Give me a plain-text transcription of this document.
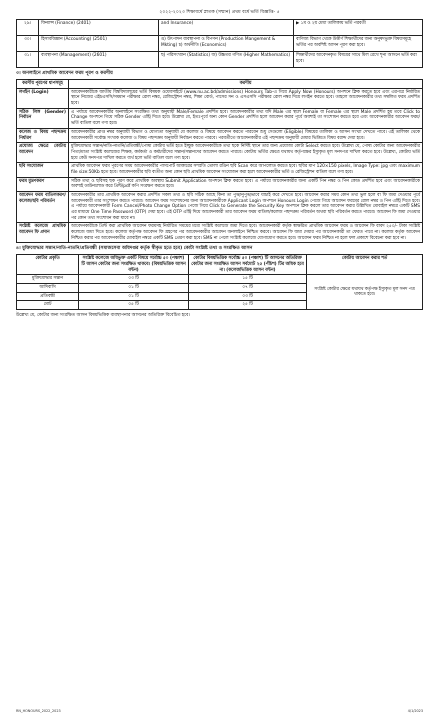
২০২২-২০২৩ শিক্ষাবর্ষে স্নাতক (সম্মান) প্রথম বর্ষে ভর্তি বিজ্ঞপ্তি- ৫
২৯।	ফিন্যান্স (Finance) (2401)	and Insurance)	▶ ১ম ও ২য় মেধা তালিকায় ভর্তি পরবর্তী
৩০।	হিসাববিজ্ঞান (Accounting) (2501)	ঙ) উৎপাদন ব্যবস্থাপনা ও বিপণন (Production Mangement & Mkting) চ) অর্থনীতি (Economics)	বাণিজ্য বিভাগ থেকে উত্তীর্ণ শিক্ষার্থীদের জন্য অনুষদভুক্ত বিষয়সমূহে ভর্তির পর অবশিষ্ট আসন পূরণ করা হবে।
৩১।	ব্যবস্থাপনা (Management) (2601)	ছ) পরিসংখ্যান (Statistics) জ) উচ্চতর গণিত (Higher Mathematics)	শিক্ষার্থীদের আবেদনকৃত বিষয়ের সাথে মিল রেখে শূন্য আসনে ভর্তি করা হবে।
৩। অনলাইনে প্রাথমিক আবেদন ফরম পূরণ ও করণীয়
করণীয় পূরণের ধাপসমূহ	করণীয়
লগইন (Login)	আবেদনকারীকে জাতীয় বিশ্ববিদ্যালয়ের ভর্তি বিষয়ক ওয়েবসাইটে (www.nu.ac.bd/admissions) Honours Tab-এ গিয়ে Apply Now (Honours) অপশনে ক্লিক করতে হবে এবং এরপরে নির্ধারিত স্থানে নিজের এইচএসসি/সমমান পরীক্ষার রোল নম্বর, রেজিস্ট্রেশন নম্বর, শিক্ষা বোর্ড, পাসের সন ও এসএসসি পরীক্ষার রোল নম্বর দিয়ে লগইন করতে হবে। তাহলে আবেদনকারীর তথ্য সম্বলিত ফরম প্রদর্শিত হবে।
সঠিক লিঙ্গ (Gender) নির্বাচন	এ পর্যায়ে আবেদনকারীর অনলাইনে সংরক্ষিত তথ্য অনুযায়ী Male/Female প্রদর্শিত হবে। আবেদনকারীর তথ্য যদি Male এর স্থলে Female বা Female এর স্থলে Male প্রদর্শিত হয় তবে Click to Change অপশনে গিয়ে সঠিক Gender এন্ট্রি দিতে হবে। উল্লেখ্য যে, ইতঃপূর্বে অন্য কোন Gender প্রদর্শিত হলে আবেদন করার পূর্বে অবশ্যই তা সংশোধন করতে হবে এবং আবেদনকারীর আবেদন ফরম/ভর্তি বাতিল বলে গণ্য হবে।
কলেজ ও বিষয় পছন্দক্রম নির্ধারণ	আবেদনকারীর প্রাপ্ত নম্বর অনুযায়ী বিভাগ ও যোগ্যতা অনুযায়ী যে কলেজ ও বিষয়ে আবেদন করতে পারবেন শুধু সেগুলো (Eligible) বিষয়ের তালিকা ও আসন সংখ্যা দেখতে পাবে। এই তালিকা থেকে আবেদনকারী সর্বোচ্চ সংখ্যক কলেজ ও বিষয় পছন্দক্রম অনুযায়ী নির্বাচন করতে পারবে। পরবর্তীতে আবেদনকারীর এই পছন্দক্রম অনুযায়ী মেধার ভিত্তিতে বিষয় বরাদ্দ দেয়া হবে।
প্রযোজ্য ক্ষেত্রে কোটায় আবেদন	মুক্তিযোদ্ধার সন্তান/নাতি-নাতনি/প্রতিবন্ধী/পোষ্য কোটায় ভর্তি হতে ইচ্ছুক আবেদনকারীকে তথ্য ছকে নির্দিষ্ট স্থানে তার জন্য প্রযোজ্য কোটা Select করতে হবে। উল্লেখ্য যে, পোষ্য কোটার জন্য আবেদনকারীর পিতা/মাতা সংশ্লিষ্ট কলেজের শিক্ষক, কর্মকর্তা ও কর্মচারীদের সন্তান/সন্তানদের আবেদন করতে পারবে। কোটায় ভর্তির ক্ষেত্রে যথাযথ কর্তৃপক্ষের ইস্যুকৃত মূল সনদপত্র দাখিল করতে হবে। উল্লেখ্য, কোটায় ভর্তি হয়ে কেউ সনদপত্র দাখিল করতে ব্যর্থ হলে ভর্তি বাতিল বলে গণ্য হবে।
ছবি সংযোজন	প্রাথমিক আবেদন ফরম পূরণের সময় আবেদনকারীর পাসপোর্ট আকারের সম্প্রতি তোলা রঙিন ছবি Scan করে আপলোড করতে হবে। ছবির মাপ 120×150 pixels, Image Type: jpg এবং maximum file size:50Kb হতে হবে। আবেদনকারীর ছবি ব্যতীত অন্য কোন ছবি প্রাথমিক আবেদন সংযোজন করা হলে আবেদনকারীর ভর্তি ও রেজিস্ট্রেশন বাতিল বলে গণ্য হবে।
ফরম মুদ্রণকরণ	সঠিক তথ্য ও ছবিসহ ছক পূরণ করে প্রাথমিক অবস্থায় Submit Application অপশনে ক্লিক করতে হবে। এ পর্যায়ে আবেদনকারীর জন্য একটি পিন নম্বর ও পিন কোড প্রদর্শিত হবে এবং আবেদনকারীকে অবশ্যই ডাউনলোড করে প্রিন্ট/pdf কপি সংরক্ষণ করতে হবে।
আবেদন ফরম বাতিলকরণ/কলেজ/ছবি পরিবর্তন	আবেদনকারীর তার প্রাথমিক আবেদন করার প্রদর্শিত সকল তথ্য ও ছবি সঠিক আছে কিনা তা পুঙ্খানুপুঙ্খভাবে যাচাই করে দেখতে হবে। আবেদন করার সময় কোন তথ্য ভুল হলে বা ফি জমা দেওয়ার পূর্বে আবেদনকারী তার সংশোধন করতে পারবে। আবেদন ফরম সংশোধনের জন্য আবেদনকারীকে Applicant Login অপশনে Honours Login পেজে গিয়ে আবেদন ফরমের রোল নম্বর ও পিন এন্ট্রি দিতে হবে। এ পর্যায়ে আবেদনকারী Form Cancel/Photo Change Option পেজে গিয়ে Click to Generate the Security Key অপশনে ক্লিক করলে তার আবেদন করার উল্লিখিত মোবাইল নম্বরে একটি SMS এর মাধ্যমে One Time Password (OTP) দেয়া হবে। এই OTP এন্ট্রি দিয়ে আবেদনকারী তার আবেদন ফরম বাতিল/কলেজ পছন্দক্রম পরিবর্তন অথবা ছবি পরিবর্তন করতে পারবে। আবেদন ফি জমা দেওয়ার পর কোন তথ্য সংশোধন করা যাবে না।
সংশ্লিষ্ট কলেজে প্রাথমিক আবেদন ফি প্রদান	আবেদনকারীকে প্রিন্ট করা প্রাথমিক আবেদন ফরমসহ নির্ধারিত সময়ের মধ্যে সংশ্লিষ্ট কলেজে জমা দিতে হবে। আবেদনকারী কর্তৃক স্বাক্ষরিত প্রাথমিক আবেদন ফরম ও আবেদন ফি বাবদ ২৫০/- টাকা সংশ্লিষ্ট কলেজে জমা দিতে হবে। কলেজ কর্তৃপক্ষ আবেদন ফি গ্রহণের পর আবেদনকারীর আবেদন অনলাইনে নিশ্চিত করবে। আবেদন ফি জমা দেয়ার পর আবেদনকারী তা ফেরত পাবে না। কলেজ কর্তৃক আবেদন নিশ্চিত করার পর আবেদনকারীর মোবাইল নম্বরে একটি SMS প্রেরণ করা হবে। SMS না পেলে সংশ্লিষ্ট কলেজে যোগাযোগ করতে হবে। আবেদন ফরম নিশ্চিত না হলে ফল প্রকাশে বিবেচনা করা হবে না।
৪। মুক্তিযোদ্ধার সন্তান/নাতি-নাতনি/প্রতিবন্ধী (সমাজসেবা অধিদপ্তর কর্তৃক স্বীকৃত হতে হবে) কোটা সংশ্লিষ্ট তথ্য ও সংরক্ষিত আসন
কোটার প্রকৃতি	সংশ্লিষ্ট কলেজে অধিভুক্ত একটি বিষয়ে সর্বোচ্চ ৫০ (পঞ্চাশ) টি আসন কোটার জন্য সংরক্ষিত থাকবে। (বিষয়ভিত্তিক আসন বন্টন)	কোটার বিষয়ভিত্তিক সর্বোচ্চ ৫০ (পঞ্চাশ) টি আসনের অতিরিক্ত কোটার জন্য সংরক্ষিত আসন সর্বমোট ২৫ (পঁচিশ) টির অধিক হবে না। (কলেজভিত্তিক আসন বন্টন)	কোটায় আবেদন করার শর্ত
মুক্তিযোদ্ধার সন্তান	০৩ টি	১৫ টি	সংশ্লিষ্ট কোটার ক্ষেত্রে যথাযথ কর্তৃপক্ষ ইস্যুকৃত মূল সনদ পত্র থাকতে হবে।
আদিবাসি	০১ টি	০৭ টি	
প্রতিবন্ধী	০১ টি	০৩ টি	
মোট	০৫ টি	২৫ টি	
উল্লেখ্য যে, কোটার জন্য সংরক্ষিত আসন বিষয়ভিত্তিক ব্যবস্থাপনার আসনের অতিরিক্ত বিবেচিত হবে।
RN_HONOURS_2022_2023	4/1/2023
